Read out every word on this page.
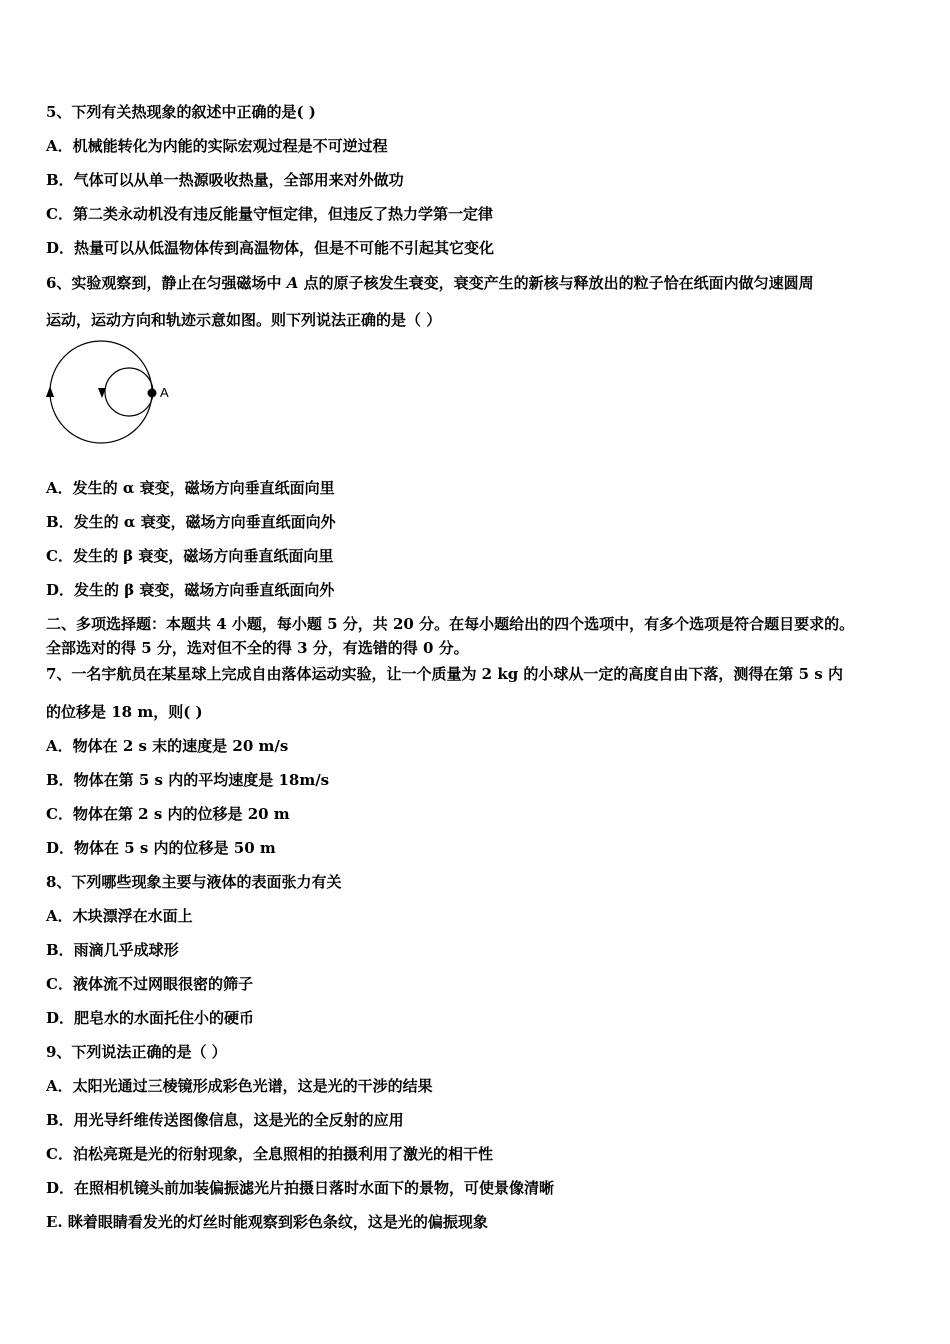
5、下列有关热现象的叙述中正确的是( )
A．机械能转化为内能的实际宏观过程是不可逆过程
B．气体可以从单一热源吸收热量，全部用来对外做功
C．第二类永动机没有违反能量守恒定律，但违反了热力学第一定律
D．热量可以从低温物体传到高温物体，但是不可能不引起其它变化
6、实验观察到，静止在匀强磁场中 A 点的原子核发生衰变，衰变产生的新核与释放出的粒子恰在纸面内做匀速圆周
运动，运动方向和轨迹示意如图。则下列说法正确的是（ ）
A
A．发生的 α 衰变，磁场方向垂直纸面向里
B．发生的 α 衰变，磁场方向垂直纸面向外
C．发生的 β 衰变，磁场方向垂直纸面向里
D．发生的 β 衰变，磁场方向垂直纸面向外
二、多项选择题：本题共 4 小题，每小题 5 分，共 20 分。在每小题给出的四个选项中，有多个选项是符合题目要求的。
全部选对的得 5 分，选对但不全的得 3 分，有选错的得 0 分。
7、一名宇航员在某星球上完成自由落体运动实验，让一个质量为 2 kg 的小球从一定的高度自由下落，测得在第 5 s 内
的位移是 18 m，则( )
A．物体在 2 s 末的速度是 20 m/s
B．物体在第 5 s 内的平均速度是 18m/s
C．物体在第 2 s 内的位移是 20 m
D．物体在 5 s 内的位移是 50 m
8、下列哪些现象主要与液体的表面张力有关
A．木块漂浮在水面上
B．雨滴几乎成球形
C．液体流不过网眼很密的筛子
D．肥皂水的水面托住小的硬币
9、下列说法正确的是（ ）
A．太阳光通过三棱镜形成彩色光谱，这是光的干涉的结果
B．用光导纤维传送图像信息，这是光的全反射的应用
C．泊松亮斑是光的衍射现象，全息照相的拍摄利用了激光的相干性
D．在照相机镜头前加装偏振滤光片拍摄日落时水面下的景物，可使景像清晰
E. 眯着眼睛看发光的灯丝时能观察到彩色条纹，这是光的偏振现象
